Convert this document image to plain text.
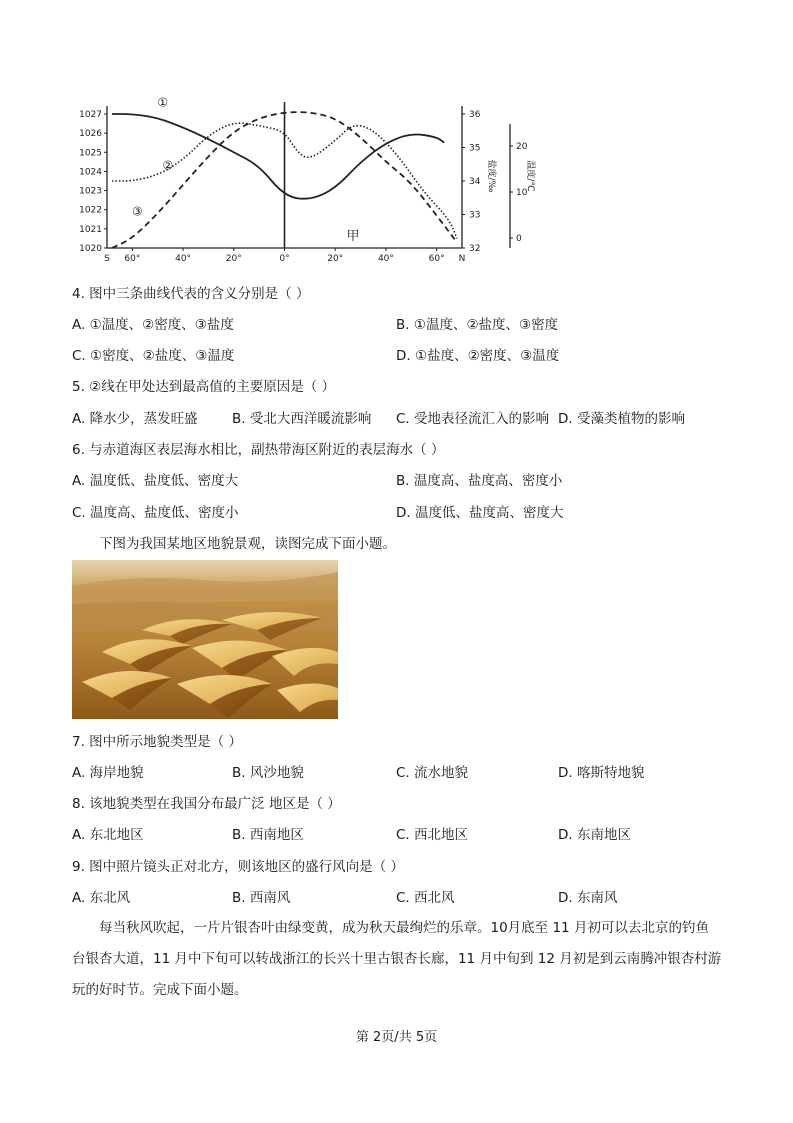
1020
1021
1022
1023
1024
1025
1026
1027
S 60°	40°	20°	0°	20°	40°	60° N
32
33
34
35
36
0
10
20
盐度/‰	温度/℃
①
②
③
甲
4. 图中三条曲线代表的含义分别是（ ）
A. ①温度、②密度、③盐度	B. ①温度、②盐度、③密度
C. ①密度、②盐度、③温度	D. ①盐度、②密度、③温度
5. ②线在甲处达到最高值的主要原因是（ ）
A. 降水少，蒸发旺盛	B. 受北大西洋暖流影响 C. 受地表径流汇入的影响 D. 受藻类植物的影响
6. 与赤道海区表层海水相比，副热带海区附近的表层海水（ ）
A. 温度低、盐度低、密度大	B. 温度高、盐度高、密度小
C. 温度高、盐度低、密度小	D. 温度低、盐度高、密度大
下图为我国某地区地貌景观，读图完成下面小题。
7. 图中所示地貌类型是（ ）
A. 海岸地貌	B. 风沙地貌	C. 流水地貌	D. 喀斯特地貌
8. 该地貌类型在我国分布最广泛 地区是（ ）
A. 东北地区	B. 西南地区	C. 西北地区	D. 东南地区
9. 图中照片镜头正对北方，则该地区的盛行风向是（ ）
A. 东北风	B. 西南风	C. 西北风	D. 东南风
每当秋风吹起，一片片银杏叶由绿变黄，成为秋天最绚烂的乐章。10月底至 11 月初可以去北京的钓鱼台银杏大道，11 月中下旬可以转战浙江的长兴十里古银杏长廊，11 月中旬到 12 月初是到云南腾冲银杏村游玩的好时节。完成下面小题。
第 2页/共 5页
